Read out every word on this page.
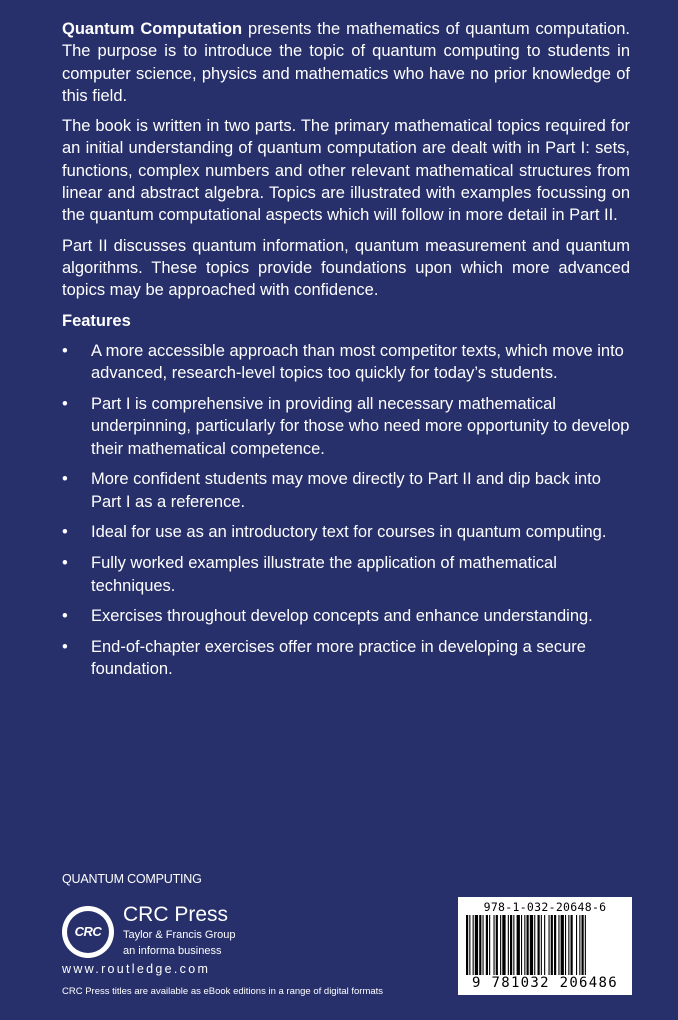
Quantum Computation presents the mathematics of quantum computation. The purpose is to introduce the topic of quantum computing to students in computer science, physics and mathematics who have no prior knowledge of this field.

The book is written in two parts. The primary mathematical topics required for an initial understanding of quantum computation are dealt with in Part I: sets, functions, complex numbers and other relevant mathematical structures from linear and abstract algebra. Topics are illustrated with examples focussing on the quantum computational aspects which will follow in more detail in Part II.

Part II discusses quantum information, quantum measurement and quantum algorithms. These topics provide foundations upon which more advanced topics may be approached with confidence.

Features
• A more accessible approach than most competitor texts, which move into advanced, research-level topics too quickly for today’s students.
• Part I is comprehensive in providing all necessary mathematical underpinning, particularly for those who need more opportunity to develop their mathematical competence.
• More confident students may move directly to Part II and dip back into Part I as a reference.
• Ideal for use as an introductory text for courses in quantum computing.
• Fully worked examples illustrate the application of mathematical techniques.
• Exercises throughout develop concepts and enhance understanding.
• End-of-chapter exercises offer more practice in developing a secure foundation.
QUANTUM COMPUTING
CRC
CRC Press
Taylor & Francis Group
an informa business
www.routledge.com
CRC Press titles are available as eBook editions in a range of digital formats
978-1-032-20648-6
9 781032 206486
